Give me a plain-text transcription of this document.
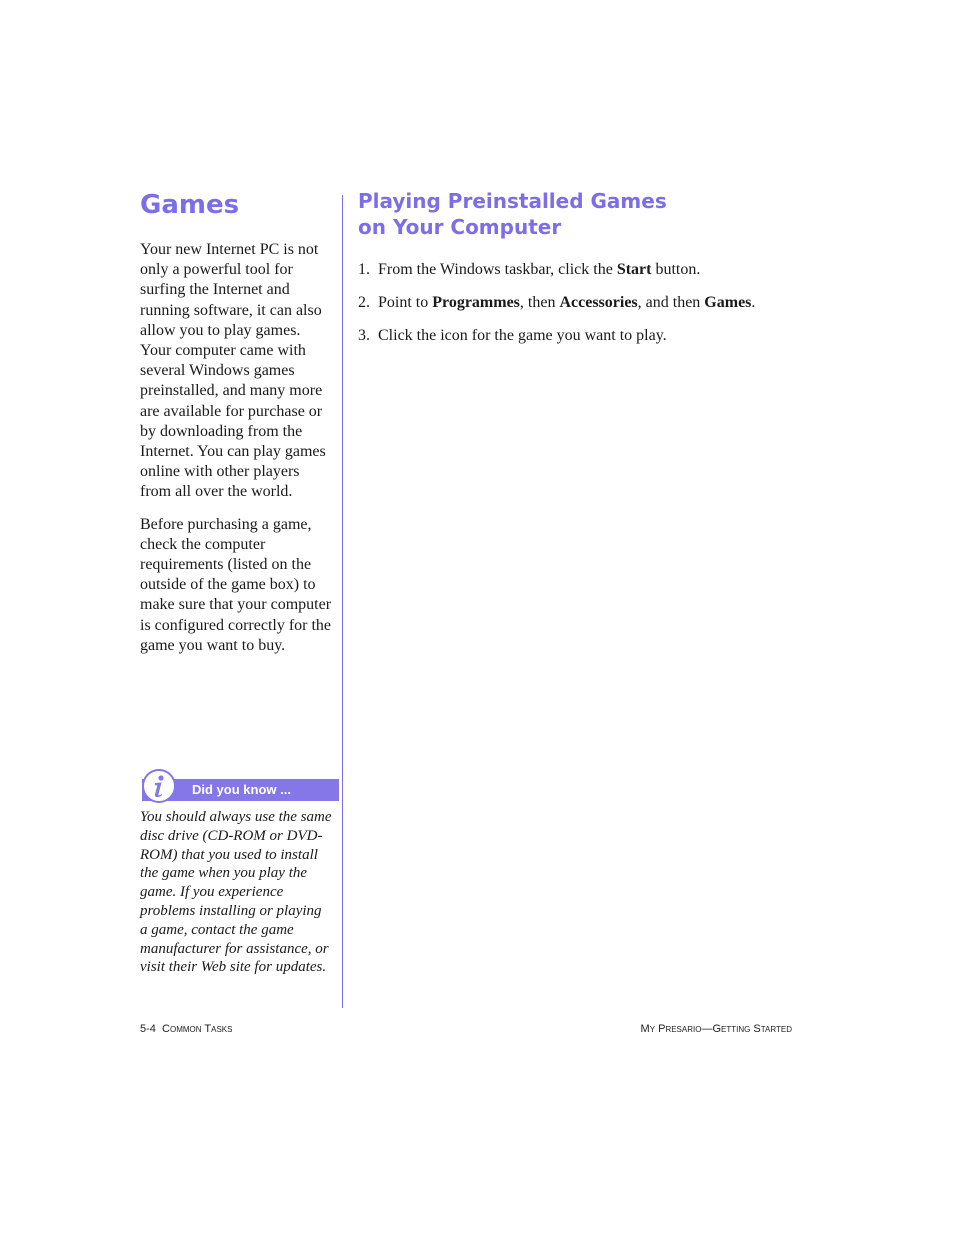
Games

Your new Internet PC is not only a powerful tool for surfing the Internet and running software, it can also allow you to play games. Your computer came with several Windows games preinstalled, and many more are available for purchase or by downloading from the Internet. You can play games online with other players from all over the world.

Before purchasing a game, check the computer requirements (listed on the outside of the game box) to make sure that your computer is configured correctly for the game you want to buy.

Did you know ...
You should always use the same disc drive (CD-ROM or DVD-ROM) that you used to install the game when you play the game. If you experience problems installing or playing a game, contact the game manufacturer for assistance, or visit their Web site for updates.
Playing Preinstalled Games
on Your Computer
1. From the Windows taskbar, click the Start button.
2. Point to Programmes, then Accessories, and then Games.
3. Click the icon for the game you want to play.
5-4 Common Tasks	My Presario—Getting Started
